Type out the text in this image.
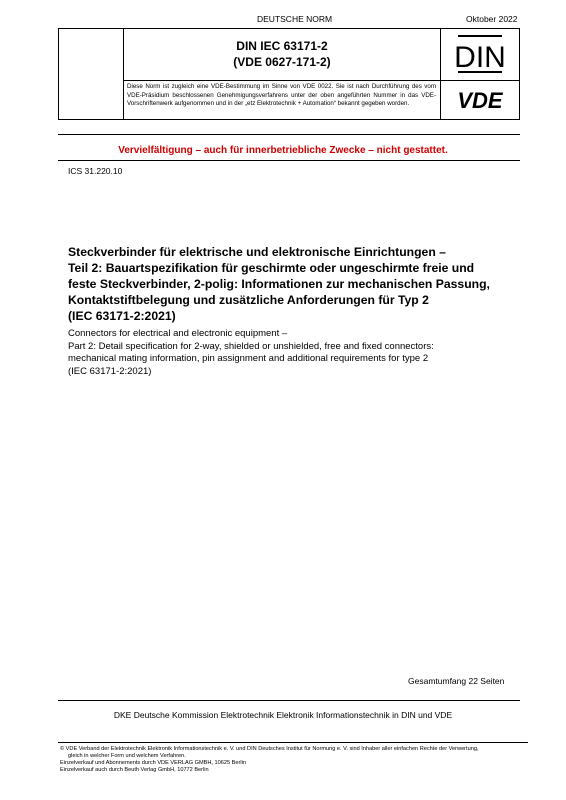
DEUTSCHE NORM	Oktober 2022
DIN IEC 63171-2
(VDE 0627-171-2)	DIN
VDE
Diese Norm ist zugleich eine VDE-Bestimmung im Sinne von VDE 0022. Sie ist nach Durchführung des vom VDE-Präsidium beschlossenen Genehmigungsverfahrens unter der oben angeführten Nummer in das VDE-Vorschriftenwerk aufgenommen und in der „etz Elektrotechnik + Automation“ bekannt gegeben worden.
Vervielfältigung – auch für innerbetriebliche Zwecke – nicht gestattet.
ICS 31.220.10
Steckverbinder für elektrische und elektronische Einrichtungen –
Teil 2: Bauartspezifikation für geschirmte oder ungeschirmte freie und
feste Steckverbinder, 2-polig: Informationen zur mechanischen Passung,
Kontaktstiftbelegung und zusätzliche Anforderungen für Typ 2
(IEC 63171-2:2021)
Connectors for electrical and electronic equipment –
Part 2: Detail specification for 2-way, shielded or unshielded, free and fixed connectors:
mechanical mating information, pin assignment and additional requirements for type 2
(IEC 63171-2:2021)
Gesamtumfang 22 Seiten
DKE Deutsche Kommission Elektrotechnik Elektronik Informationstechnik in DIN und VDE
© VDE Verband der Elektrotechnik Elektronik Informationstechnik e. V. und DIN Deutsches Institut für Normung e. V. sind Inhaber aller einfachen Rechte der Verwertung,
gleich in welcher Form und welchem Verfahren.
Einzelverkauf und Abonnements durch VDE VERLAG GMBH, 10625 Berlin
Einzelverkauf auch durch Beuth Verlag GmbH, 10772 Berlin
